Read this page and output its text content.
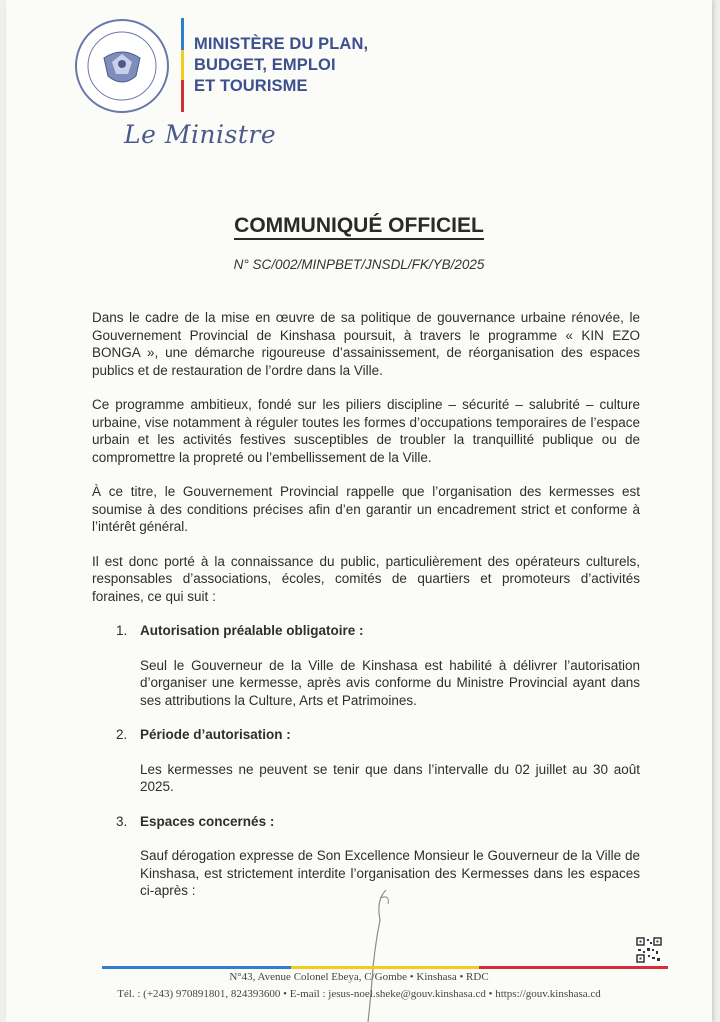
MINISTÈRE DU PLAN,
BUDGET, EMPLOI
ET TOURISME
Le Ministre
COMMUNIQUÉ OFFICIEL
N° SC/002/MINPBET/JNSDL/FK/YB/2025

Dans le cadre de la mise en œuvre de sa politique de gouvernance urbaine rénovée, le Gouvernement Provincial de Kinshasa poursuit, à travers le programme « KIN EZO BONGA », une démarche rigoureuse d’assainissement, de réorganisation des espaces publics et de restauration de l’ordre dans la Ville.

Ce programme ambitieux, fondé sur les piliers discipline – sécurité – salubrité – culture urbaine, vise notamment à réguler toutes les formes d’occupations temporaires de l’espace urbain et les activités festives susceptibles de troubler la tranquillité publique ou de compromettre la propreté ou l’embellissement de la Ville.

À ce titre, le Gouvernement Provincial rappelle que l’organisation des kermesses est soumise à des conditions précises afin d’en garantir un encadrement strict et conforme à l’intérêt général.

Il est donc porté à la connaissance du public, particulièrement des opérateurs culturels, responsables d’associations, écoles, comités de quartiers et promoteurs d’activités foraines, ce qui suit :

1. Autorisation préalable obligatoire :
Seul le Gouverneur de la Ville de Kinshasa est habilité à délivrer l’autorisation d’organiser une kermesse, après avis conforme du Ministre Provincial ayant dans ses attributions la Culture, Arts et Patrimoines.
2. Période d’autorisation :
Les kermesses ne peuvent se tenir que dans l’intervalle du 02 juillet au 30 août 2025.
3. Espaces concernés :
Sauf dérogation expresse de Son Excellence Monsieur le Gouverneur de la Ville de Kinshasa, est strictement interdite l’organisation des Kermesses dans les espaces ci-après :
N°43, Avenue Colonel Ebeya, C/Gombe • Kinshasa • RDC
Tél. : (+243) 970891801, 824393600 • E-mail : jesus-noel.sheke@gouv.kinshasa.cd • https://gouv.kinshasa.cd
